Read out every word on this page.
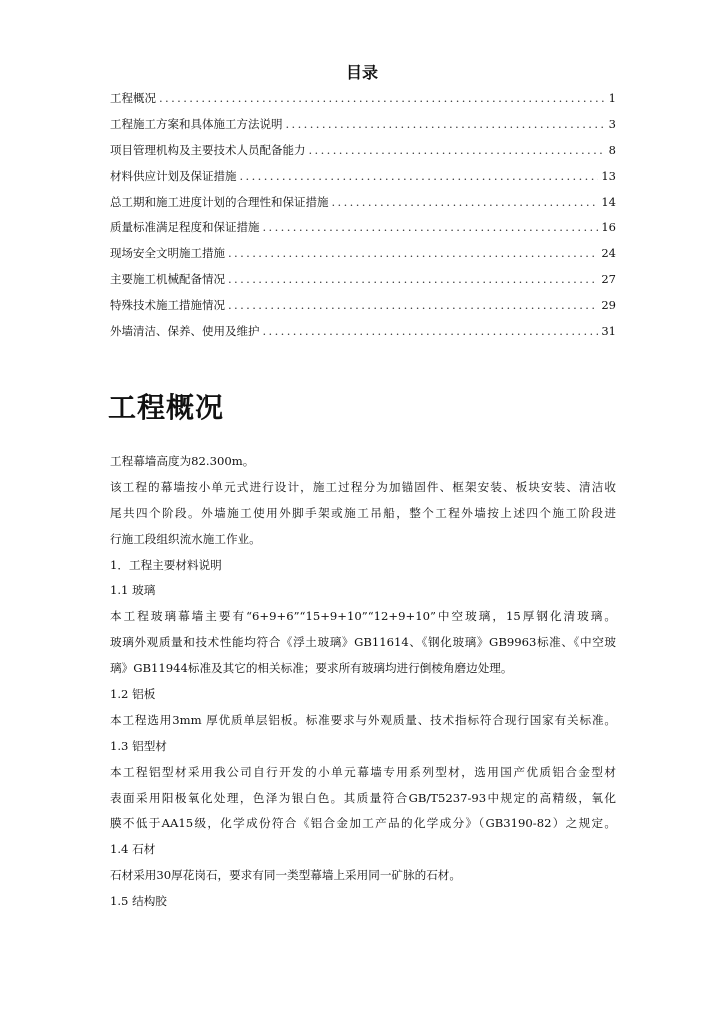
目录
工程概况 .....	1
工程施工方案和具体施工方法说明 .....	3
项目管理机构及主要技术人员配备能力 .....	8
材料供应计划及保证措施 .....	13
总工期和施工进度计划的合理性和保证措施 .....	14
质量标准满足程度和保证措施 .....	16
现场安全文明施工措施 .....	24
主要施工机械配备情况 .....	27
特殊技术施工措施情况 .....	29
外墙清洁、保养、使用及维护 .....	31
工程概况
工程幕墙高度为82.300m。
该工程的幕墙按小单元式进行设计，施工过程分为加锚固件、框架安装、板块安装、清洁收
尾共四个阶段。外墙施工使用外脚手架或施工吊船，整个工程外墙按上述四个施工阶段进
行施工段组织流水施工作业。
1．工程主要材料说明
1.1 玻璃
本工程玻璃幕墙主要有“6+9+6”“15+9+10”“12+9+10”中空玻璃，15厚钢化清玻璃。
玻璃外观质量和技术性能均符合《浮土玻璃》GB11614、《钢化玻璃》GB9963标准、《中空玻
璃》GB11944标准及其它的相关标准；要求所有玻璃均进行倒棱角磨边处理。
1.2 铝板
本工程选用3mm 厚优质单层铝板。标准要求与外观质量、技术指标符合现行国家有关标准。
1.3 铝型材
本工程铝型材采用我公司自行开发的小单元幕墙专用系列型材，选用国产优质铝合金型材
表面采用阳极氧化处理，色泽为银白色。其质量符合GB/T5237-93中规定的高精级，氧化
膜不低于AA15级，化学成份符合《铝合金加工产品的化学成分》（GB3190-82）之规定。
1.4 石材
石材采用30厚花岗石，要求有同一类型幕墙上采用同一矿脉的石材。
1.5 结构胶
